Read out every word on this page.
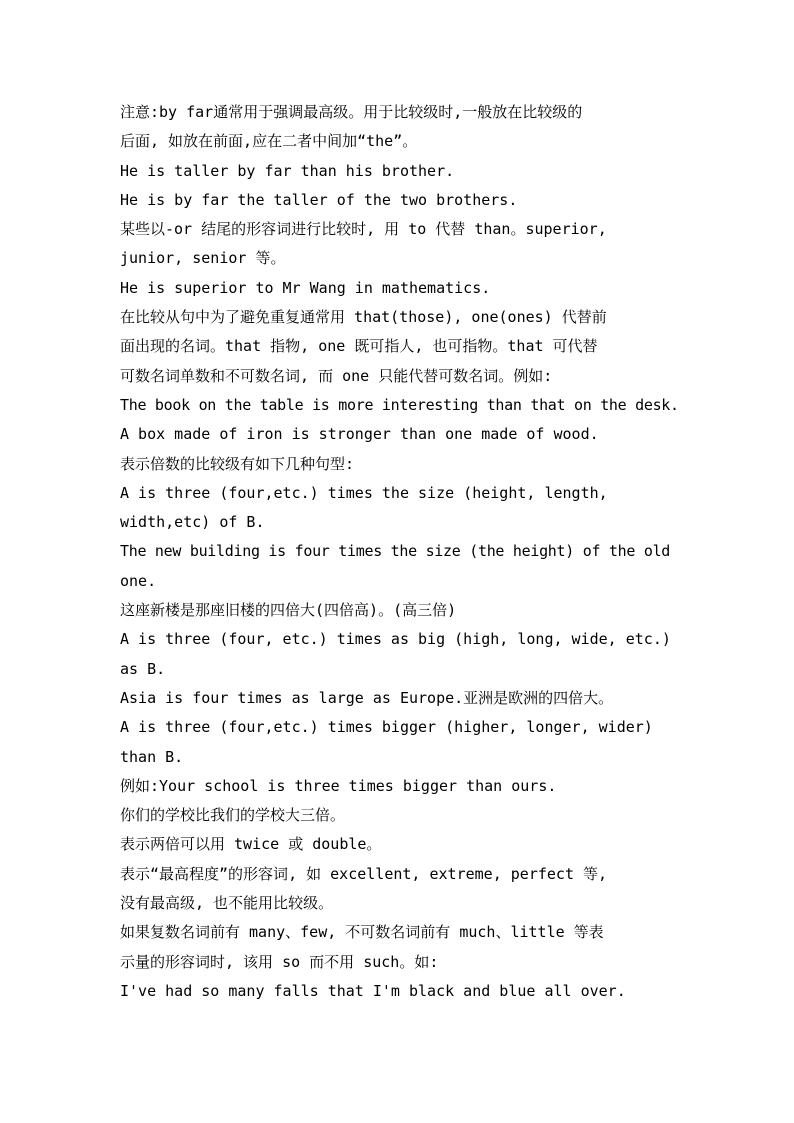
注意:by far通常用于强调最高级。用于比较级时,一般放在比较级的
后面, 如放在前面,应在二者中间加“the”。
He is taller by far than his brother.
He is by far the taller of the two brothers.
某些以-or 结尾的形容词进行比较时, 用 to 代替 than。superior,
junior, senior 等。
He is superior to Mr Wang in mathematics.
在比较从句中为了避免重复通常用 that(those), one(ones) 代替前
面出现的名词。that 指物, one 既可指人, 也可指物。that 可代替
可数名词单数和不可数名词, 而 one 只能代替可数名词。例如:
The book on the table is more interesting than that on the desk.
A box made of iron is stronger than one made of wood.
表示倍数的比较级有如下几种句型:
A is three (four,etc.) times the size (height, length,
width,etc) of B.
The new building is four times the size (the height) of the old
one.
这座新楼是那座旧楼的四倍大(四倍高)。(高三倍)
A is three (four, etc.) times as big (high, long, wide, etc.)
as B.
Asia is four times as large as Europe.亚洲是欧洲的四倍大。
A is three (four,etc.) times bigger (higher, longer, wider)
than B.
例如:Your school is three times bigger than ours.
你们的学校比我们的学校大三倍。
表示两倍可以用 twice 或 double。
表示“最高程度”的形容词, 如 excellent, extreme, perfect 等,
没有最高级, 也不能用比较级。
如果复数名词前有 many、few, 不可数名词前有 much、little 等表
示量的形容词时, 该用 so 而不用 such。如:
I've had so many falls that I'm black and blue all over.
